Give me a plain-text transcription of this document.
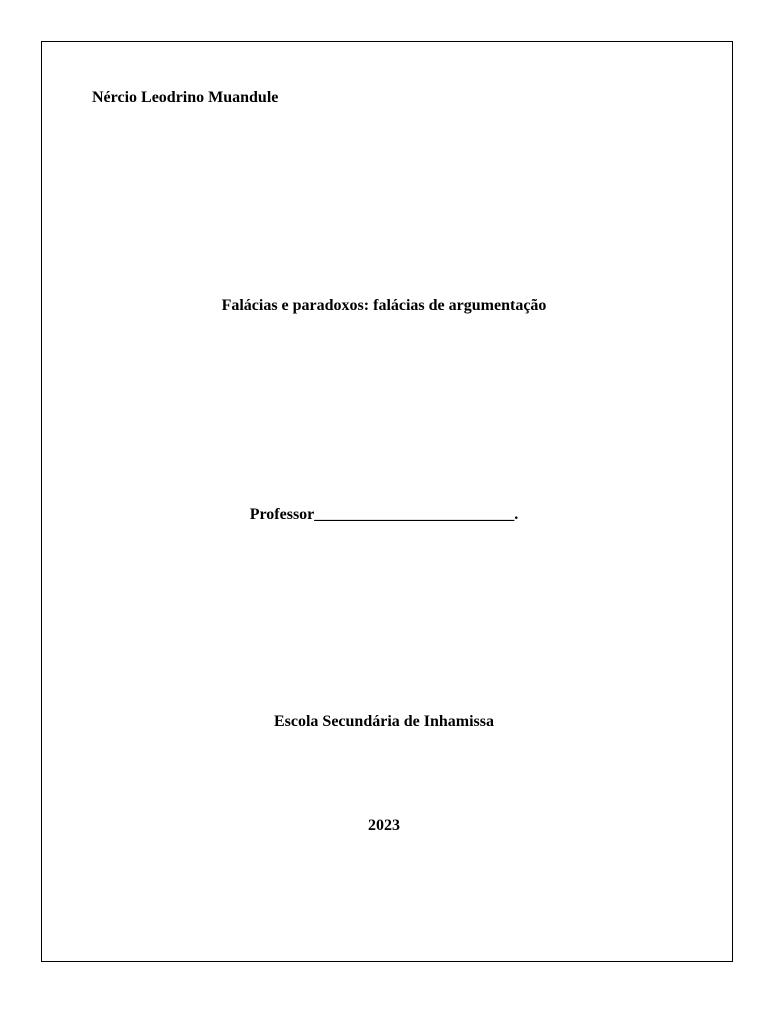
Nércio Leodrino Muandule
Falácias e paradoxos: falácias de argumentação
Professor_________________________.
Escola Secundária de Inhamissa
2023
